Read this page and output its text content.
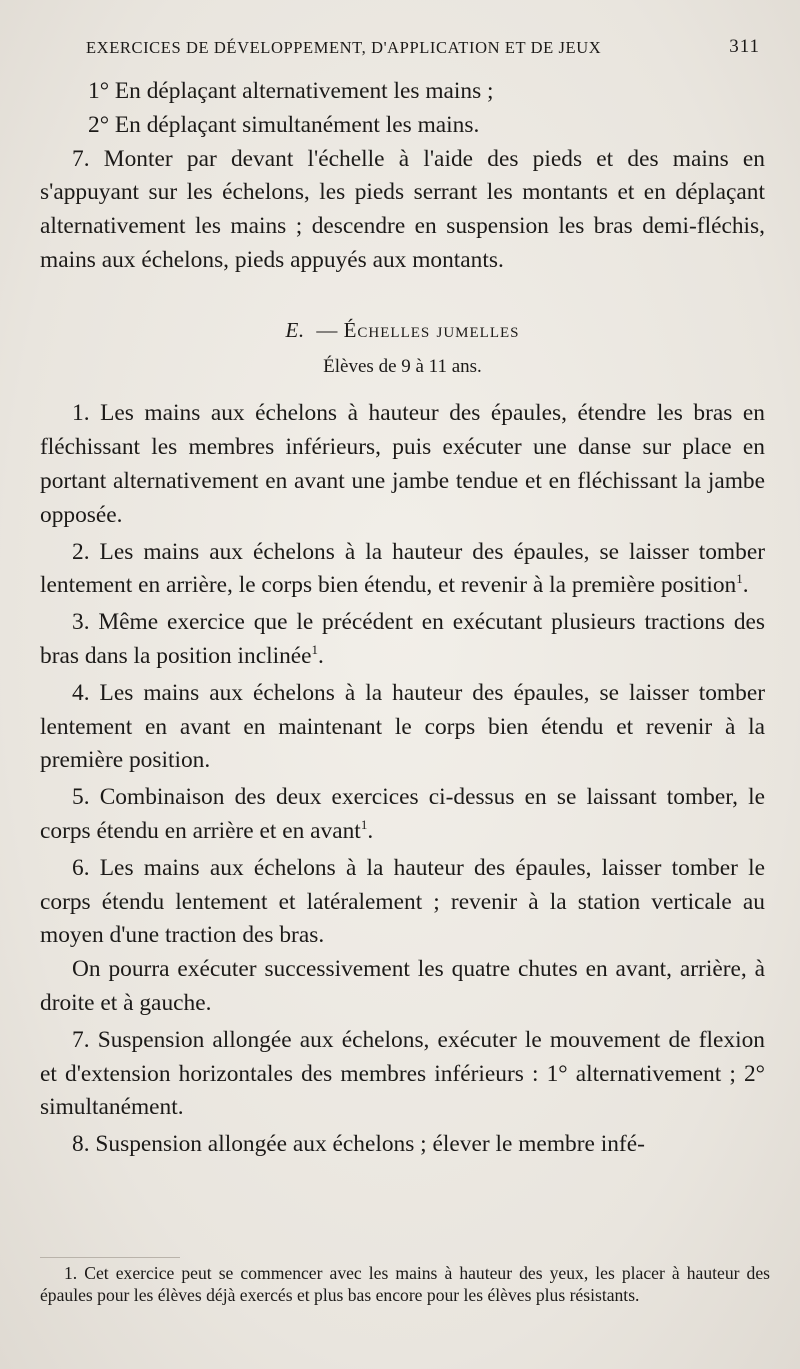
EXERCICES DE DÉVELOPPEMENT, D'APPLICATION ET DE JEUX	311

1° En déplaçant alternativement les mains ;

2° En déplaçant simultanément les mains.

7. Monter par devant l'échelle à l'aide des pieds et des mains en s'appuyant sur les échelons, les pieds serrant les montants et en déplaçant alternativement les mains ; descendre en suspension les bras demi-fléchis, mains aux échelons, pieds appuyés aux montants.

E. — Échelles jumelles
Élèves de 9 à 11 ans.

1. Les mains aux échelons à hauteur des épaules, étendre les bras en fléchissant les membres inférieurs, puis exécuter une danse sur place en portant alternativement en avant une jambe tendue et en fléchissant la jambe opposée.

2. Les mains aux échelons à la hauteur des épaules, se laisser tomber lentement en arrière, le corps bien étendu, et revenir à la première position$^1$.

3. Même exercice que le précédent en exécutant plusieurs tractions des bras dans la position inclinée$^1$.

4. Les mains aux échelons à la hauteur des épaules, se laisser tomber lentement en avant en maintenant le corps bien étendu et revenir à la première position.

5. Combinaison des deux exercices ci-dessus en se laissant tomber, le corps étendu en arrière et en avant$^1$.

6. Les mains aux échelons à la hauteur des épaules, laisser tomber le corps étendu lentement et latéralement ; revenir à la station verticale au moyen d'une traction des bras.

On pourra exécuter successivement les quatre chutes en avant, arrière, à droite et à gauche.

7. Suspension allongée aux échelons, exécuter le mouvement de flexion et d'extension horizontales des membres inférieurs : 1° alternativement ; 2° simultanément.

8. Suspension allongée aux échelons ; élever le membre infé-

1. Cet exercice peut se commencer avec les mains à hauteur des yeux, les placer à hauteur des épaules pour les élèves déjà exercés et plus bas encore pour les élèves plus résistants.
